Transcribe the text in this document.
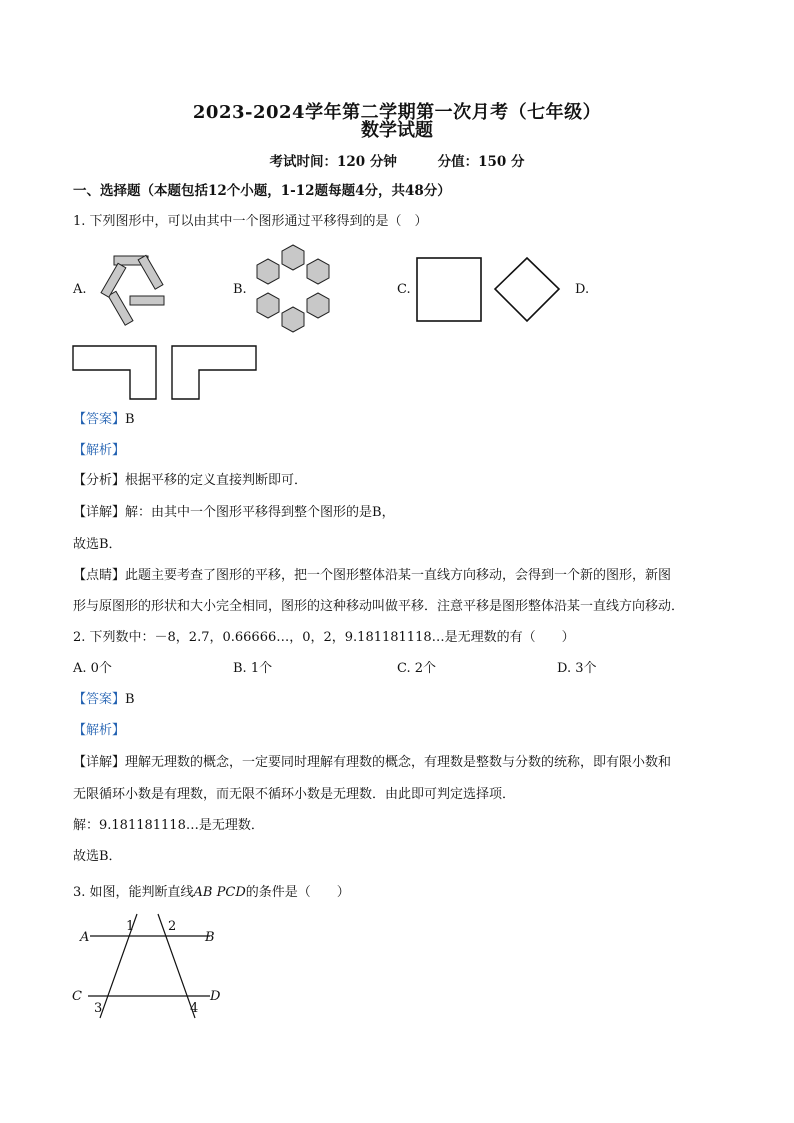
2023-2024学年第二学期第一次月考（七年级）
数学试题
考试时间：120 分钟	分值：150 分
一、选择题（本题包括12个小题，1-12题每题4分，共48分）
1. 下列图形中，可以由其中一个图形通过平移得到的是（　）
A.	B.	C.	D.
【答案】B
【解析】
【分析】根据平移的定义直接判断即可．
【详解】解：由其中一个图形平移得到整个图形的是B，
故选B．
【点睛】此题主要考查了图形的平移，把一个图形整体沿某一直线方向移动，会得到一个新的图形，新图
形与原图形的形状和大小完全相同，图形的这种移动叫做平移．注意平移是图形整体沿某一直线方向移动．
2. 下列数中：－8，2.7，0.66666…，0，2，9.181181118…是无理数的有（　　）
A. 0个	B. 1个	C. 2个	D. 3个
【答案】B
【解析】
【详解】理解无理数的概念，一定要同时理解有理数的概念，有理数是整数与分数的统称，即有限小数和
无限循环小数是有理数，而无限不循环小数是无理数．由此即可判定选择项．
解：9.181181118…是无理数．
故选B．
3. 如图，能判断直线AB PCD的条件是（　　）
A	B
C	D
1	2
3	4
